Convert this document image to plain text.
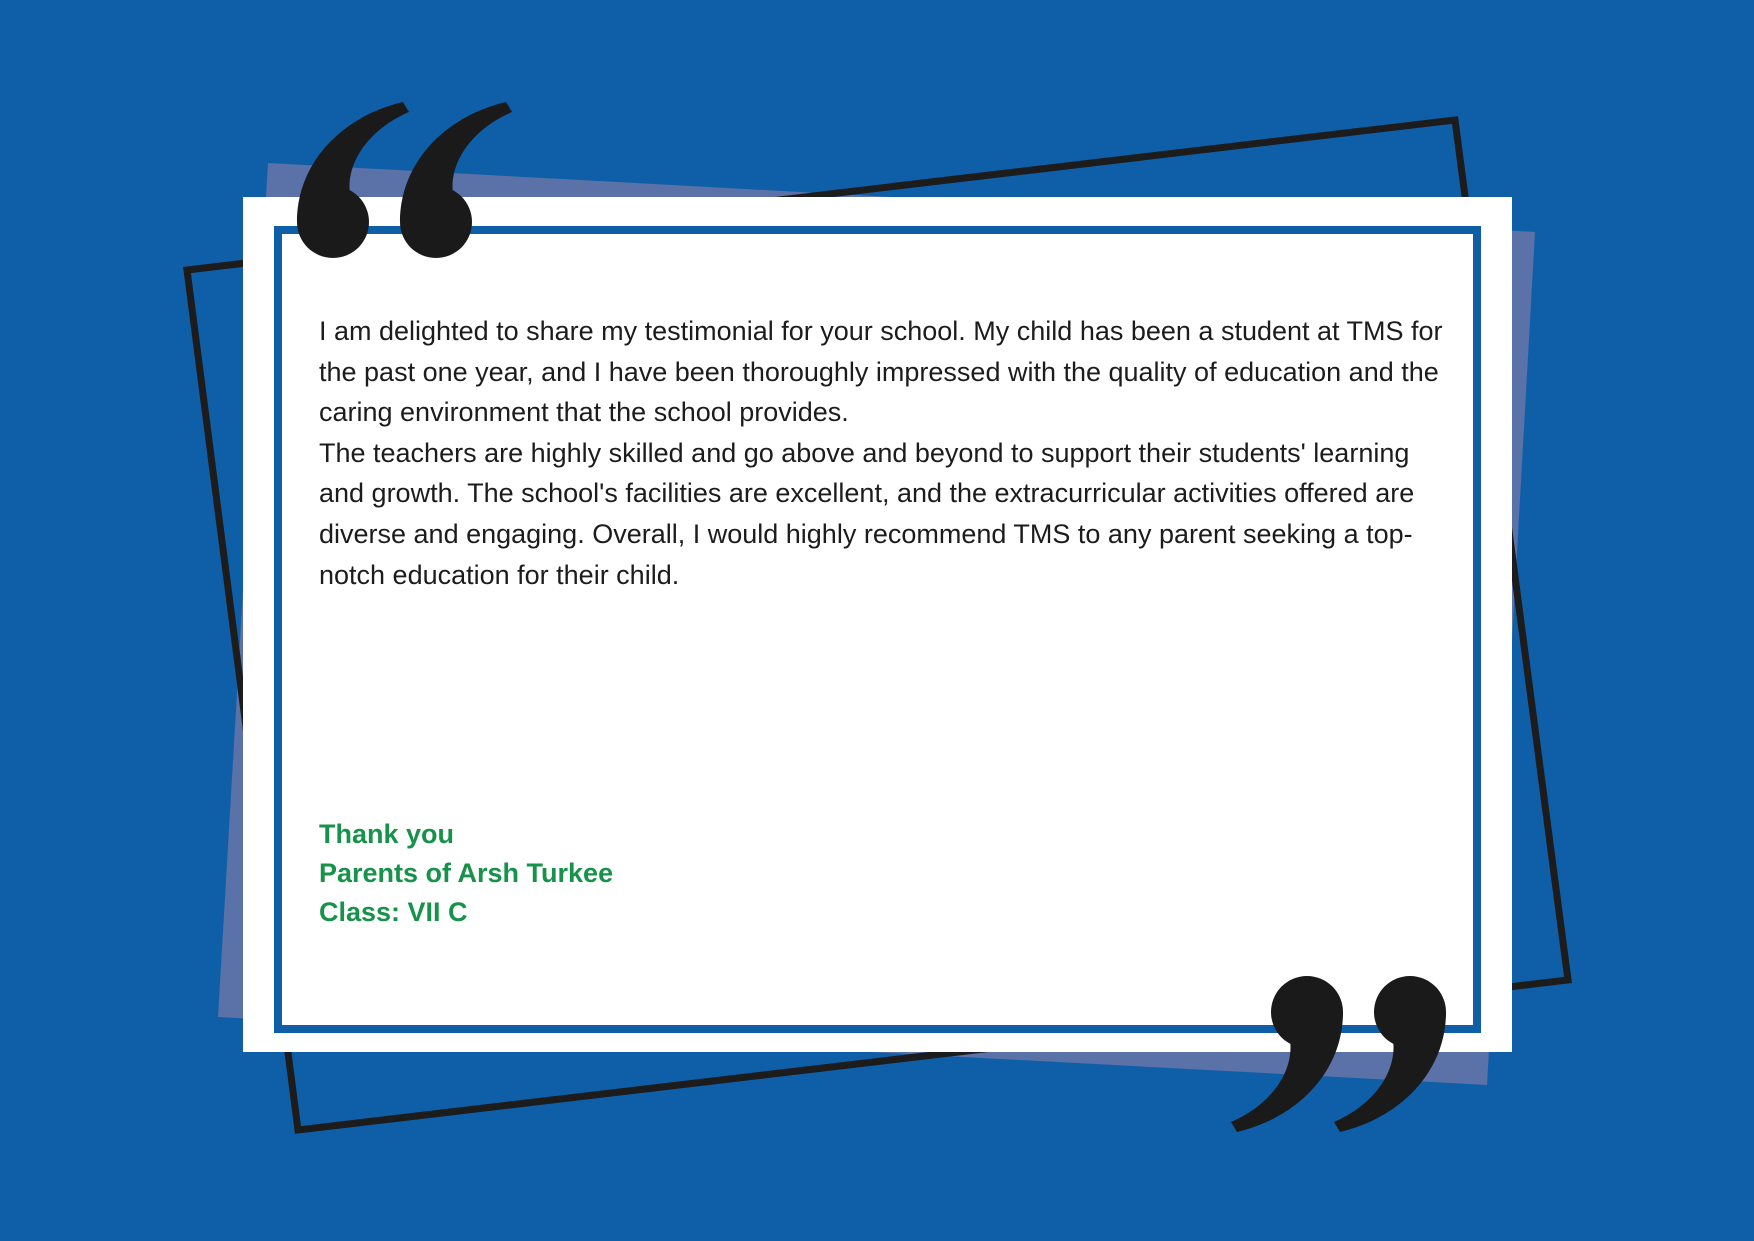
I am delighted to share my testimonial for your school. My child has been a student at TMS for the past one year, and I have been thoroughly impressed with the quality of education and the caring environment that the school provides.
The teachers are highly skilled and go above and beyond to support their students' learning and growth. The school's facilities are excellent, and the extracurricular activities offered are diverse and engaging. Overall, I would highly recommend TMS to any parent seeking a top-notch education for their child.

Thank you
Parents of Arsh Turkee
Class: VII C
